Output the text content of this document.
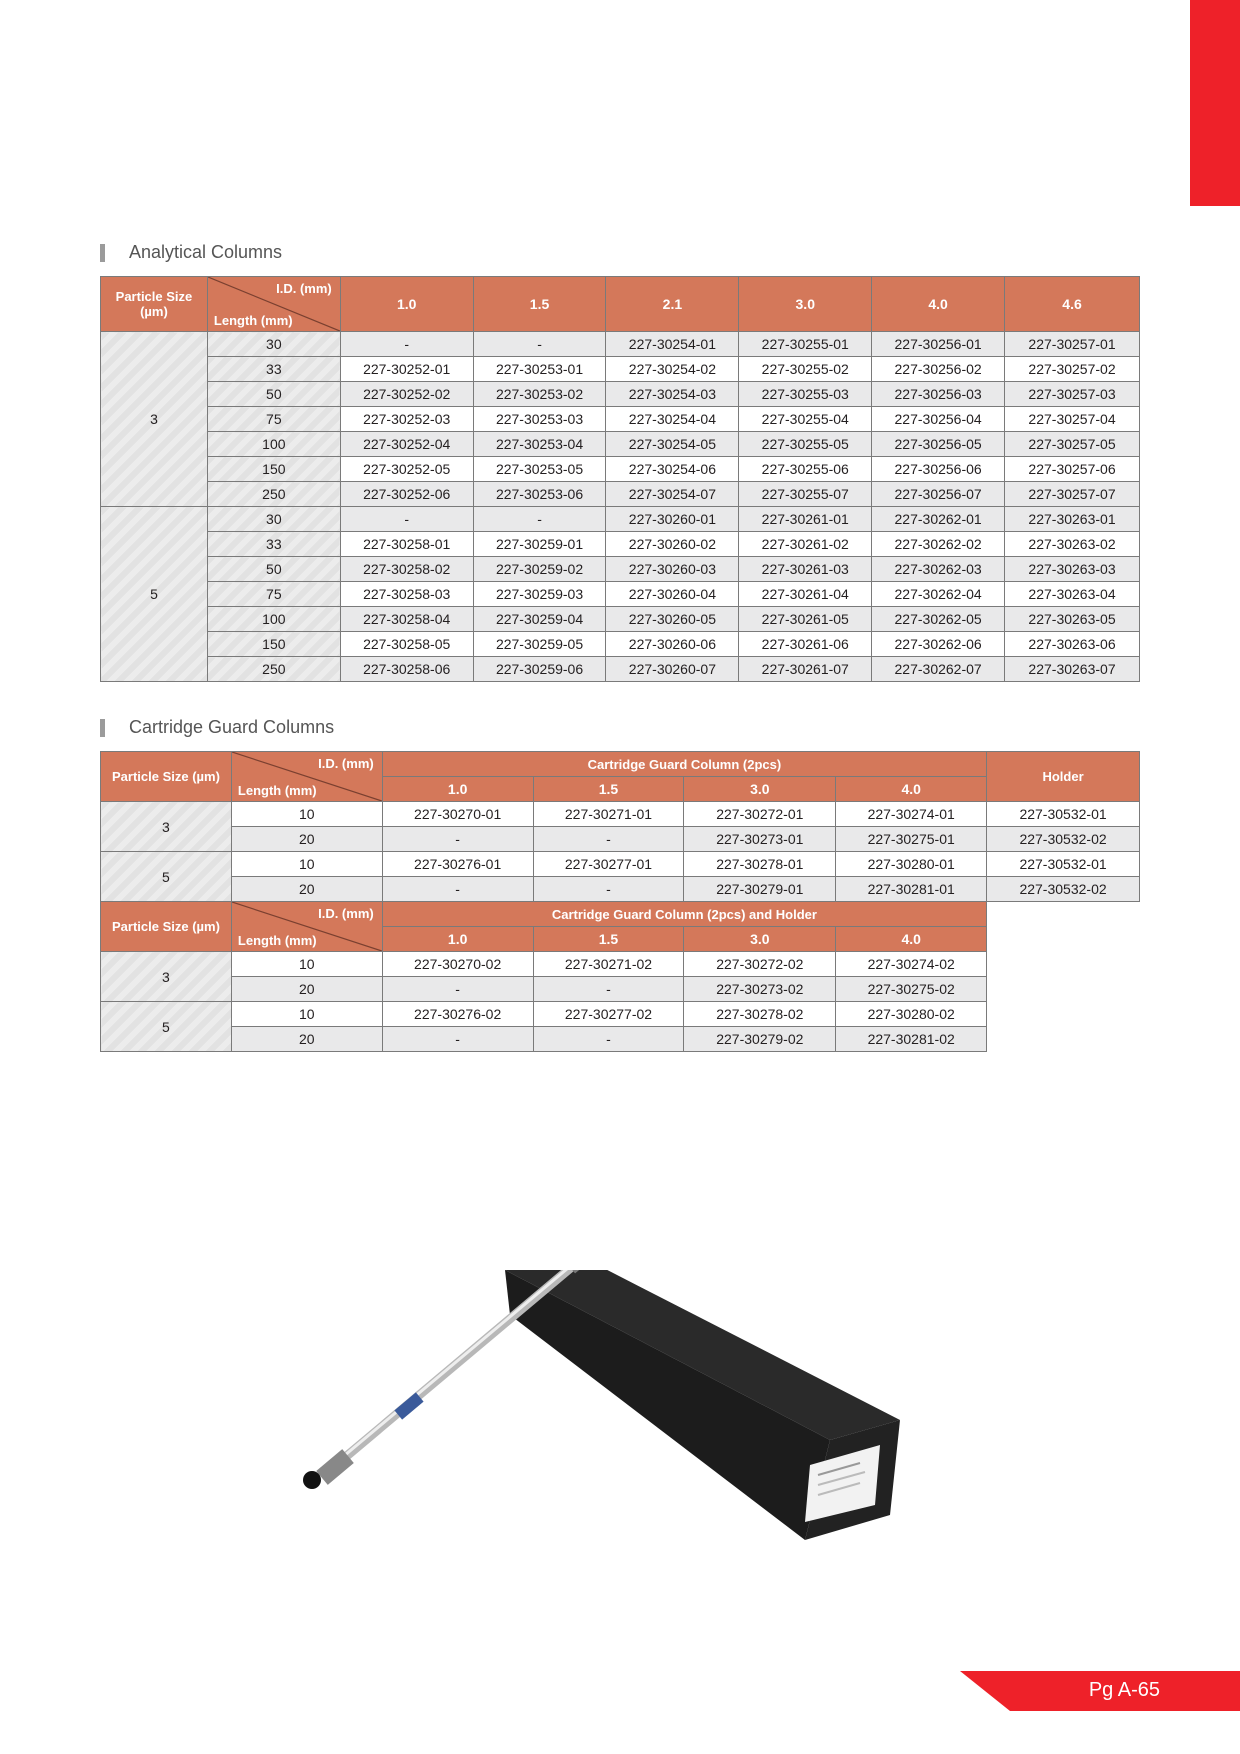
Analytical Columns
Particle Size (µm)	I.D. (mm)
Length (mm)	1.0	1.5	2.1	3.0	4.0	4.6
3	30	-	-	227-30254-01	227-30255-01	227-30256-01	227-30257-01
	33	227-30252-01	227-30253-01	227-30254-02	227-30255-02	227-30256-02	227-30257-02
	50	227-30252-02	227-30253-02	227-30254-03	227-30255-03	227-30256-03	227-30257-03
	75	227-30252-03	227-30253-03	227-30254-04	227-30255-04	227-30256-04	227-30257-04
	100	227-30252-04	227-30253-04	227-30254-05	227-30255-05	227-30256-05	227-30257-05
	150	227-30252-05	227-30253-05	227-30254-06	227-30255-06	227-30256-06	227-30257-06
	250	227-30252-06	227-30253-06	227-30254-07	227-30255-07	227-30256-07	227-30257-07
5	30	-	-	227-30260-01	227-30261-01	227-30262-01	227-30263-01
	33	227-30258-01	227-30259-01	227-30260-02	227-30261-02	227-30262-02	227-30263-02
	50	227-30258-02	227-30259-02	227-30260-03	227-30261-03	227-30262-03	227-30263-03
	75	227-30258-03	227-30259-03	227-30260-04	227-30261-04	227-30262-04	227-30263-04
	100	227-30258-04	227-30259-04	227-30260-05	227-30261-05	227-30262-05	227-30263-05
	150	227-30258-05	227-30259-05	227-30260-06	227-30261-06	227-30262-06	227-30263-06
	250	227-30258-06	227-30259-06	227-30260-07	227-30261-07	227-30262-07	227-30263-07
Cartridge Guard Columns
Particle Size (µm)	I.D. (mm)
Length (mm)	Cartridge Guard Column (2pcs)				Holder
		1.0	1.5	3.0	4.0	
3	10	227-30270-01	227-30271-01	227-30272-01	227-30274-01	227-30532-01
	20	-	-	227-30273-01	227-30275-01	227-30532-02
5	10	227-30276-01	227-30277-01	227-30278-01	227-30280-01	227-30532-01
	20	-	-	227-30279-01	227-30281-01	227-30532-02
Particle Size (µm)	I.D. (mm)
Length (mm)	Cartridge Guard Column (2pcs) and Holder				
		1.0	1.5	3.0	4.0	
3	10	227-30270-02	227-30271-02	227-30272-02	227-30274-02	
	20	-	-	227-30273-02	227-30275-02	
5	10	227-30276-02	227-30277-02	227-30278-02	227-30280-02	
	20	-	-	227-30279-02	227-30281-02	
Pg A-65
